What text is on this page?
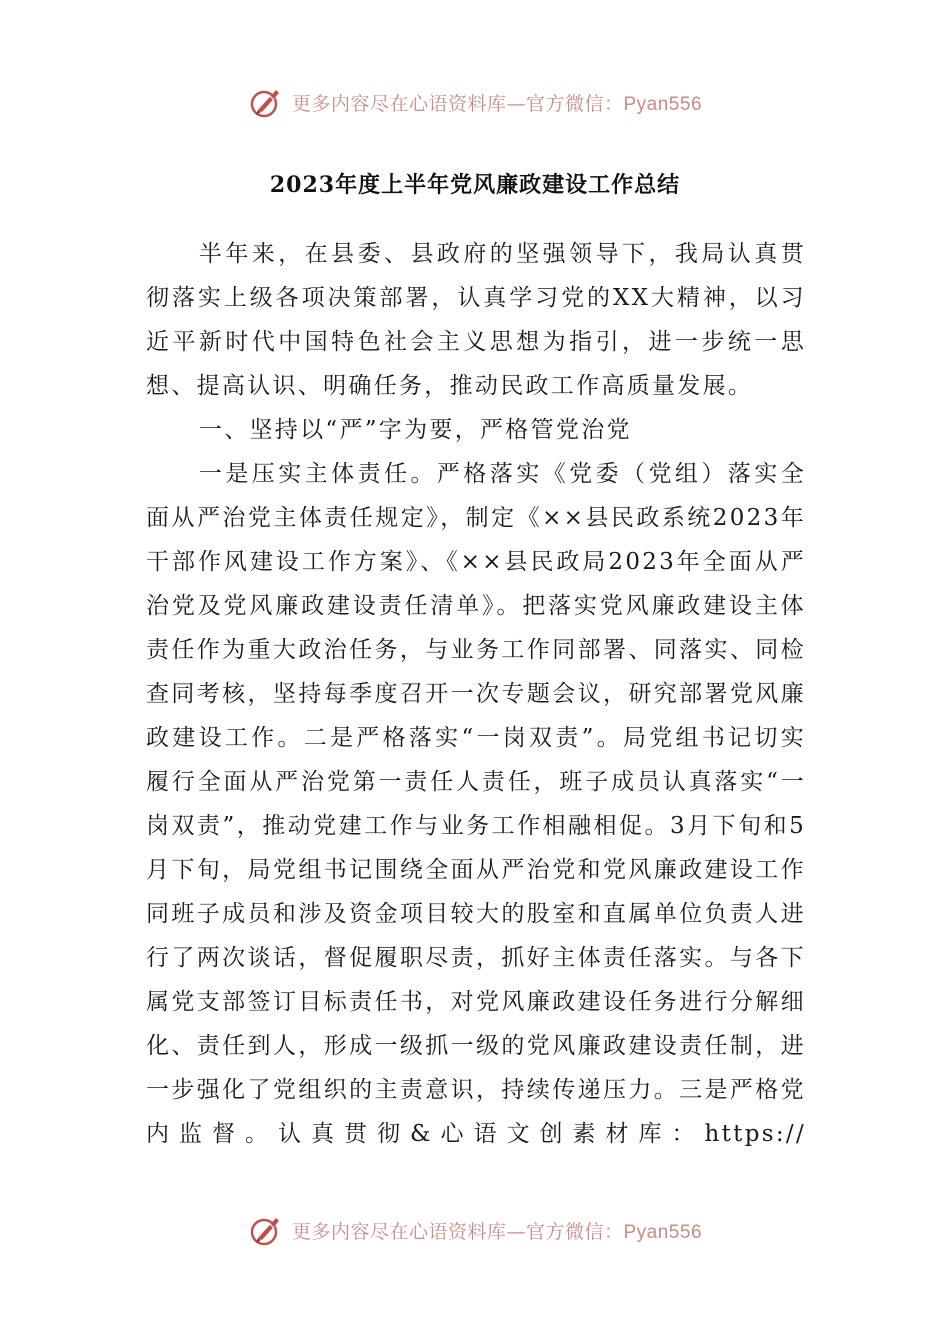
更多内容尽在心语资料库—官方微信：Pyan556
2023年度上半年党风廉政建设工作总结

半年来，在县委、县政府的坚强领导下，我局认真贯彻落实上级各项决策部署，认真学习党的XX大精神，以习近平新时代中国特色社会主义思想为指引，进一步统一思想、提高认识、明确任务，推动民政工作高质量发展。

一、坚持以“严”字为要，严格管党治党

一是压实主体责任。严格落实《党委（党组）落实全面从严治党主体责任规定》，制定《××县民政系统2023年干部作风建设工作方案》、《××县民政局2023年全面从严治党及党风廉政建设责任清单》。把落实党风廉政建设主体责任作为重大政治任务，与业务工作同部署、同落实、同检查同考核，坚持每季度召开一次专题会议，研究部署党风廉政建设工作。二是严格落实“一岗双责”。局党组书记切实履行全面从严治党第一责任人责任，班子成员认真落实“一岗双责”，推动党建工作与业务工作相融相促。3月下旬和5月下旬，局党组书记围绕全面从严治党和党风廉政建设工作同班子成员和涉及资金项目较大的股室和直属单位负责人进行了两次谈话，督促履职尽责，抓好主体责任落实。与各下属党支部签订目标责任书，对党风廉政建设任务进行分解细化、责任到人，形成一级抓一级的党风廉政建设责任制，进一步强化了党组织的主责意识，持续传递压力。三是严格党内监督。认真贯彻&心语文创素材库：https://

更多内容尽在心语资料库—官方微信：Pyan556
